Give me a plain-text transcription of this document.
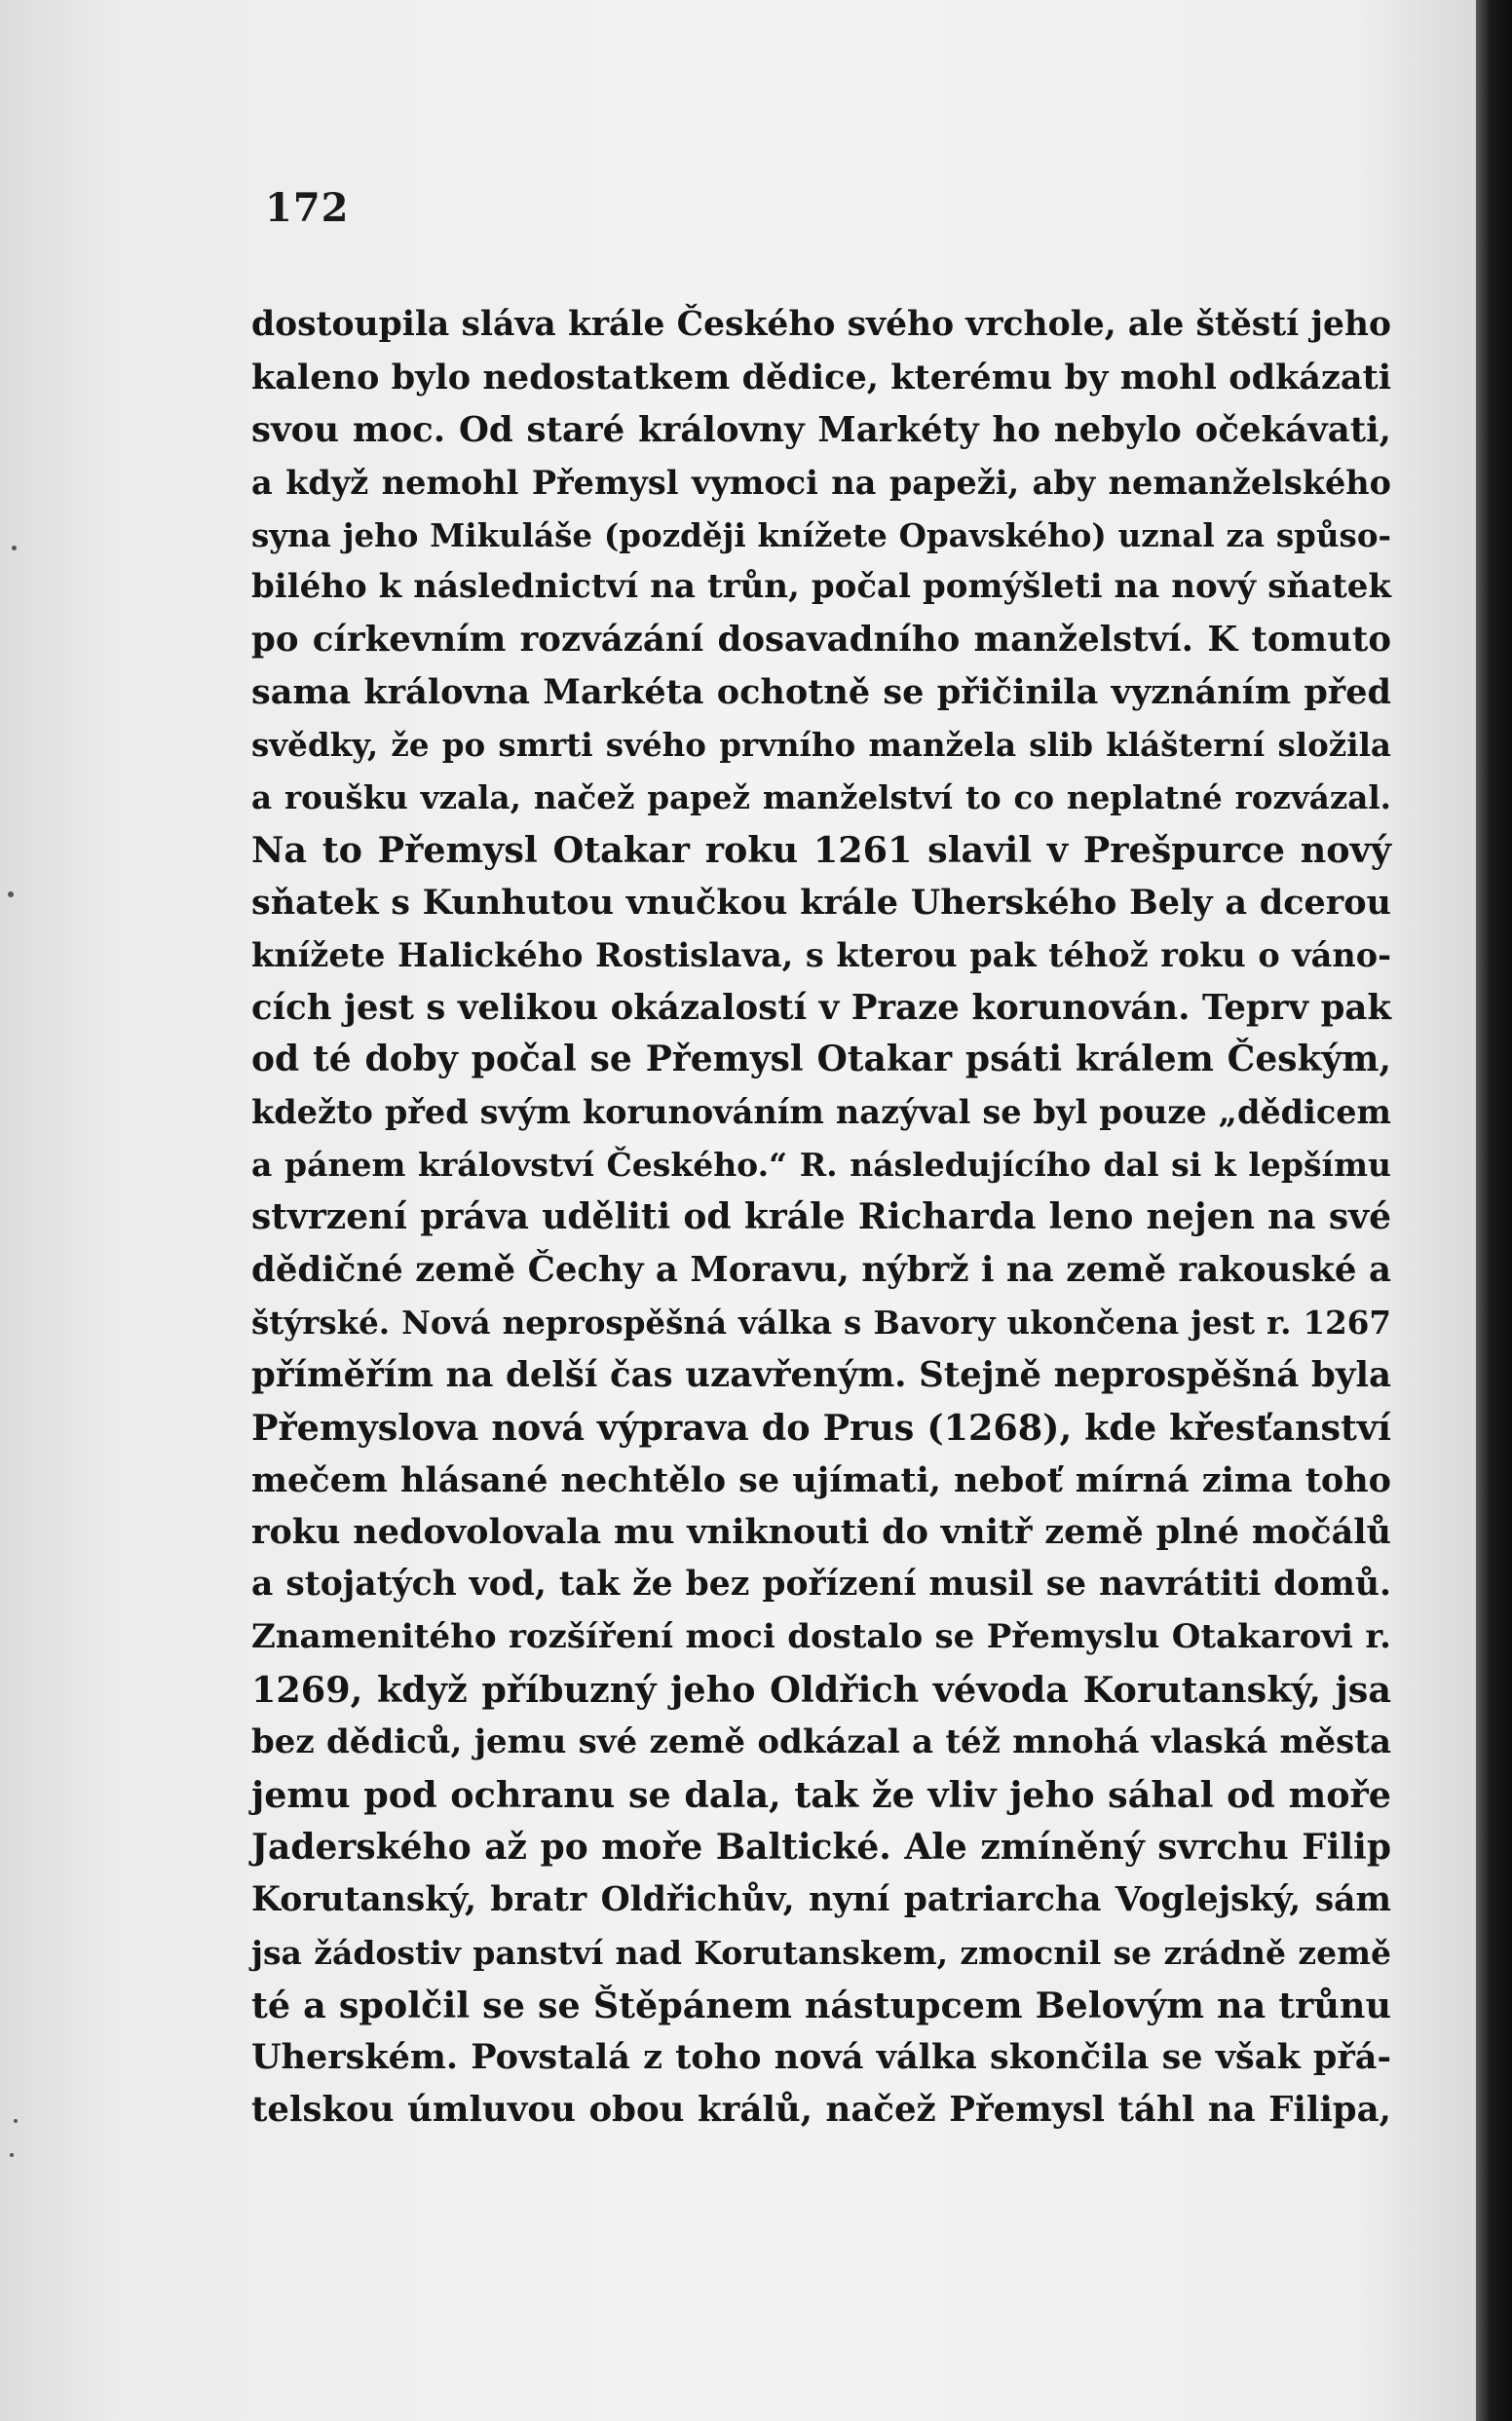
172
dostoupila sláva krále Českého svého vrchole, ale štěstí jeho
kaleno bylo nedostatkem dědice, kterému by mohl odkázati
svou moc. Od staré královny Markéty ho nebylo očekávati,
a když nemohl Přemysl vymoci na papeži, aby nemanželského
syna jeho Mikuláše (později knížete Opavského) uznal za spůso-
bilého k následnictví na trůn, počal pomýšleti na nový sňatek
po církevním rozvázání dosavadního manželství. K tomuto
sama královna Markéta ochotně se přičinila vyznáním před
svědky, že po smrti svého prvního manžela slib klášterní složila
a roušku vzala, načež papež manželství to co neplatné rozvázal.
Na to Přemysl Otakar roku 1261 slavil v Prešpurce nový
sňatek s Kunhutou vnučkou krále Uherského Bely a dcerou
knížete Halického Rostislava, s kterou pak téhož roku o váno-
cích jest s velikou okázalostí v Praze korunován. Teprv pak
od té doby počal se Přemysl Otakar psáti králem Českým,
kdežto před svým korunováním nazýval se byl pouze „dědicem
a pánem království Českého.“ R. následujícího dal si k lepšímu
stvrzení práva uděliti od krále Richarda leno nejen na své
dědičné země Čechy a Moravu, nýbrž i na země rakouské a
štýrské. Nová neprospěšná válka s Bavory ukončena jest r. 1267
příměřím na delší čas uzavřeným. Stejně neprospěšná byla
Přemyslova nová výprava do Prus (1268), kde křesťanství
mečem hlásané nechtělo se ujímati, neboť mírná zima toho
roku nedovolovala mu vniknouti do vnitř země plné močálů
a stojatých vod, tak že bez pořízení musil se navrátiti domů.
Znamenitého rozšíření moci dostalo se Přemyslu Otakarovi r.
1269, když příbuzný jeho Oldřich vévoda Korutanský, jsa
bez dědiců, jemu své země odkázal a též mnohá vlaská města
jemu pod ochranu se dala, tak že vliv jeho sáhal od moře
Jaderského až po moře Baltické. Ale zmíněný svrchu Filip
Korutanský, bratr Oldřichův, nyní patriarcha Voglejský, sám
jsa žádostiv panství nad Korutanskem, zmocnil se zrádně země
té a spolčil se se Štěpánem nástupcem Belovým na trůnu
Uherském. Povstalá z toho nová válka skončila se však přá-
telskou úmluvou obou králů, načež Přemysl táhl na Filipa,
